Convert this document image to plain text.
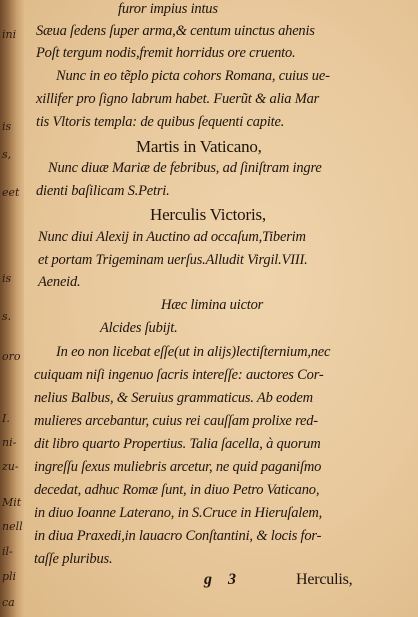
ini
is
s,
eet
is
s.
oro
I.
ni-
zu-
Mit
nell
il-
pli
ca
furor impius intus
Sæua ſedens ſuper arma,& centum uinctus ahenis
Poſt tergum nodis,fremit horridus ore cruento.
Nunc in eo tẽplo picta cohors Romana, cuius ue-
xillifer pro ſigno labrum habet. Fuerũt & alia Mar
tis Vltoris templa: de quibus ſequenti capite.
Martis in Vaticano,
Nunc diuæ Mariæ de febribus, ad ſiniſtram ingre
dienti baſilicam S.Petri.
Herculis Victoris,
Nunc diui Alexij in Auctino ad occaſum,Tiberim
et portam Trigeminam uerſus.Alludit Virgil.VIII.
Aeneid.
Hæc limina uictor
Alcides ſubijt.
In eo non licebat eſſe(ut in alijs)lectiſternium,nec
cuiquam niſi ingenuo ſacris intereſſe: auctores Cor-
nelius Balbus, & Seruius grammaticus. Ab eodem
mulieres arcebantur, cuius rei cauſſam prolixe red-
dit libro quarto Propertius. Talia ſacella, à quorum
ingreſſu ſexus muliebris arcetur, ne quid paganiſmo
decedat, adhuc Romæ ſunt, in diuo Petro Vaticano,
in diuo Ioanne Laterano, in S.Cruce in Hieruſalem,
in diua Praxedi,in lauacro Conſtantini, & locis for-
taſſe pluribus.
g 3	Herculis,
